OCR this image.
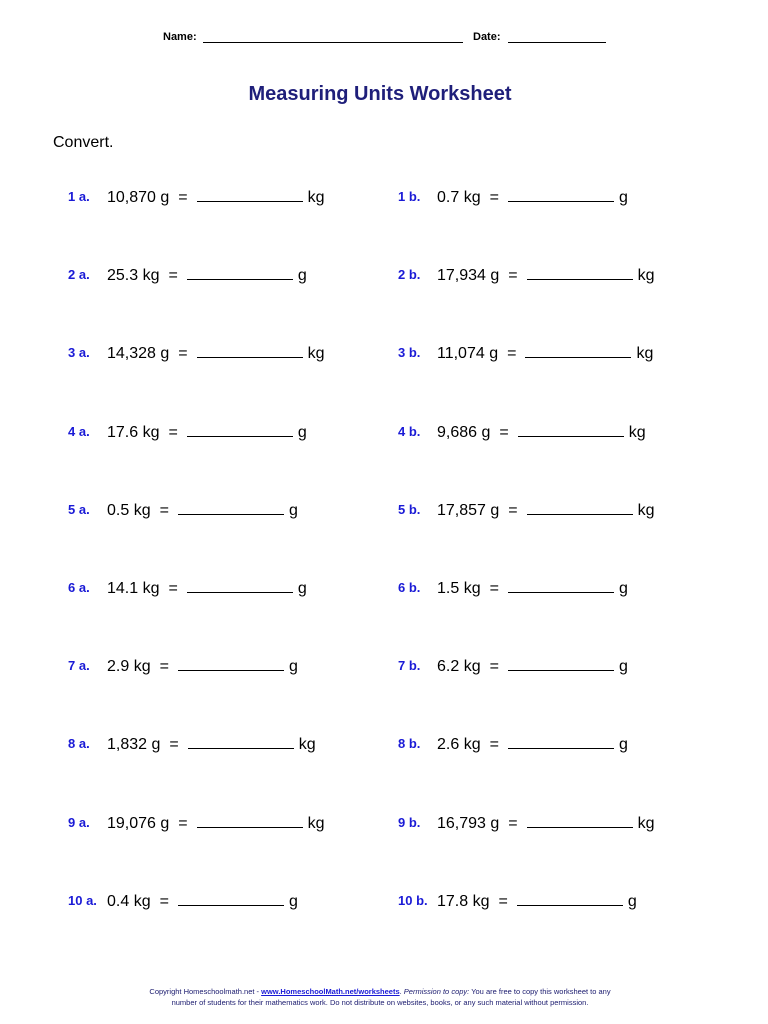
Name:	Date:
Measuring Units Worksheet
Convert.
1 a. 10,870 g =	kg	1 b. 0.7 kg =	g
2 a. 25.3 kg =	g	2 b. 17,934 g =	kg
3 a. 14,328 g =	kg	3 b. 11,074 g =	kg
4 a. 17.6 kg =	g	4 b. 9,686 g =	kg
5 a. 0.5 kg =	g	5 b. 17,857 g =	kg
6 a. 14.1 kg =	g	6 b. 1.5 kg =	g
7 a. 2.9 kg =	g	7 b. 6.2 kg =	g
8 a. 1,832 g =	kg	8 b. 2.6 kg =	g
9 a. 19,076 g =	kg	9 b. 16,793 g =	kg
10 a. 0.4 kg =	g	10 b. 17.8 kg =	g
Copyright Homeschoolmath.net - www.HomeschoolMath.net/worksheets. Permission to copy: You are free to copy this worksheet to any
number of students for their mathematics work. Do not distribute on websites, books, or any such material without permission.
